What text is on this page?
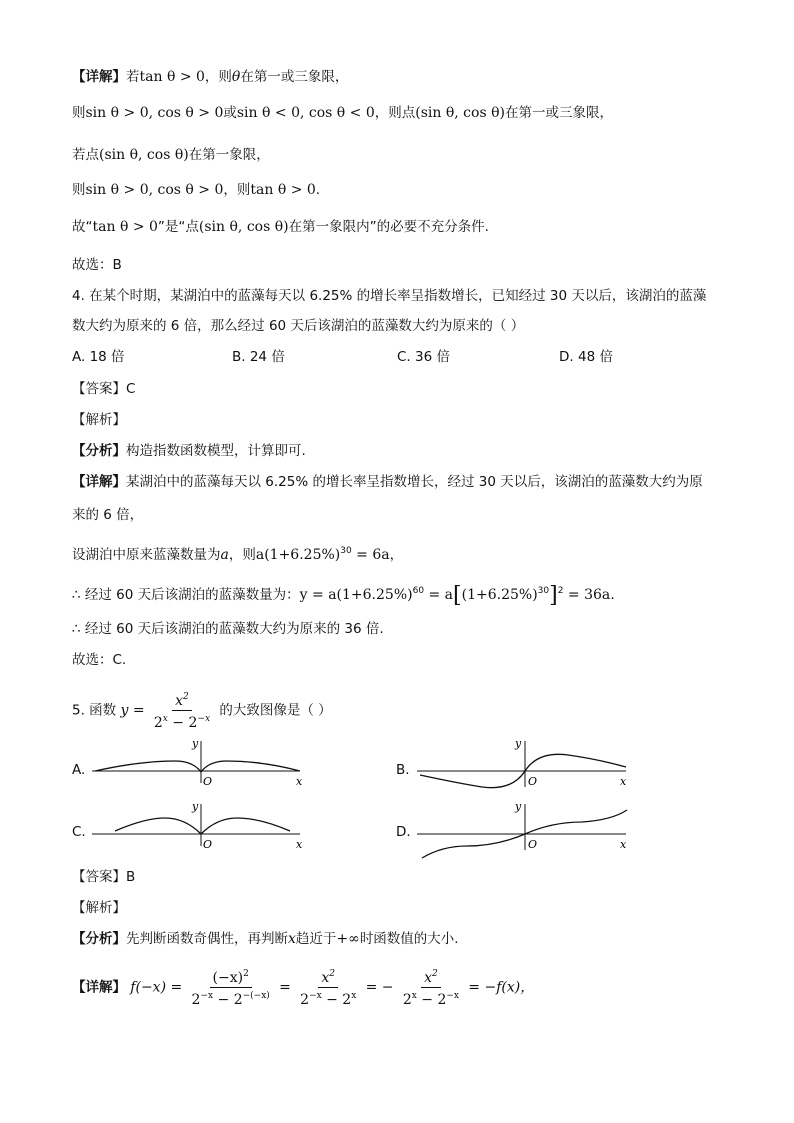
【详解】若tan θ > 0，则θ在第一或三象限，
则sin θ > 0, cos θ > 0或sin θ < 0, cos θ < 0，则点(sin θ, cos θ)在第一或三象限，
若点(sin θ, cos θ)在第一象限，
则sin θ > 0, cos θ > 0，则tan θ > 0.
故“tan θ > 0”是“点(sin θ, cos θ)在第一象限内”的必要不充分条件.
故选：B
4. 在某个时期，某湖泊中的蓝藻每天以 6.25% 的增长率呈指数增长，已知经过 30 天以后，该湖泊的蓝藻
数大约为原来的 6 倍，那么经过 60 天后该湖泊的蓝藻数大约为原来的（ ）
A. 18 倍	B. 24 倍	C. 36 倍	D. 48 倍
【答案】C
【解析】
【分析】构造指数函数模型，计算即可.
【详解】某湖泊中的蓝藻每天以 6.25% 的增长率呈指数增长，经过 30 天以后，该湖泊的蓝藻数大约为原
来的 6 倍，
设湖泊中原来蓝藻数量为a，则$a(1+6.25\%)^{30} = 6a$，
∴ 经过 60 天后该湖泊的蓝藻数量为：$y = a(1+6.25\%)^{60} = a[(1+6.25\%)^{30}]^2 = 36a$.
∴ 经过 60 天后该湖泊的蓝藻数大约为原来的 36 倍.
故选：C.
5. 函数 $y = \frac{x^2}{2^x - 2^{-x}}$ 的大致图像是（ ）
A.	B.
C.	D.
y
O	x
y
O	x
y
O	x
y
O	x
【答案】B
【解析】
【分析】先判断函数奇偶性，再判断x趋近于+∞时函数值的大小.
【详解】 $f(-x) = \frac{(-x)^2}{2^{-x} - 2^{-(-x)}} = \frac{x^2}{2^{-x} - 2^x}$ = − $\frac{x^2}{2^x - 2^{-x}} = -f(x)$，
